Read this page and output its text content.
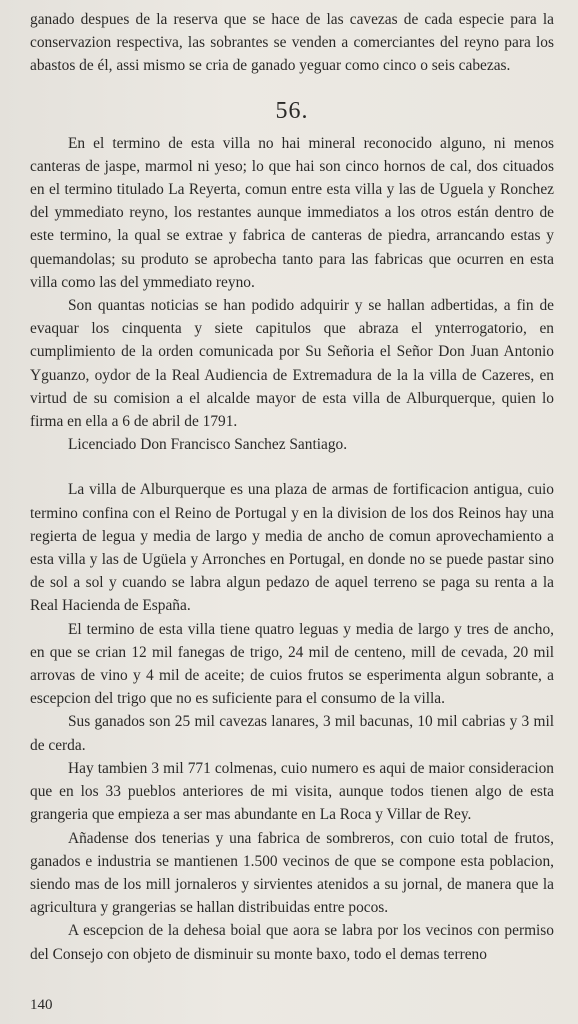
ganado despues de la reserva que se hace de las cavezas de cada especie para la conservazion respectiva, las sobrantes se venden a comerciantes del reyno para los abastos de él, assi mismo se cria de ganado yeguar como cinco o seis cabezas.

56.

En el termino de esta villa no hai mineral reconocido alguno, ni menos canteras de jaspe, marmol ni yeso; lo que hai son cinco hornos de cal, dos cituados en el termino titulado La Reyerta, comun entre esta villa y las de Uguela y Ronchez del ymmediato reyno, los restantes aunque immediatos a los otros están dentro de este termino, la qual se extrae y fabrica de canteras de piedra, arrancando estas y quemandolas; su produto se aprobecha tanto para las fabricas que ocurren en esta villa como las del ymmediato reyno.

Son quantas noticias se han podido adquirir y se hallan adbertidas, a fin de evaquar los cinquenta y siete capitulos que abraza el ynterrogatorio, en cumplimiento de la orden comunicada por Su Señoria el Señor Don Juan Antonio Yguanzo, oydor de la Real Audiencia de Extremadura de la la villa de Cazeres, en virtud de su comision a el alcalde mayor de esta villa de Alburquerque, quien lo firma en ella a 6 de abril de 1791.

Licenciado Don Francisco Sanchez Santiago.

La villa de Alburquerque es una plaza de armas de fortificacion antigua, cuio termino confina con el Reino de Portugal y en la division de los dos Reinos hay una regierta de legua y media de largo y media de ancho de comun aprovechamiento a esta villa y las de Ugüela y Arronches en Portugal, en donde no se puede pastar sino de sol a sol y cuando se labra algun pedazo de aquel terreno se paga su renta a la Real Hacienda de España.

El termino de esta villa tiene quatro leguas y media de largo y tres de ancho, en que se crian 12 mil fanegas de trigo, 24 mil de centeno, mill de cevada, 20 mil arrovas de vino y 4 mil de aceite; de cuios frutos se esperimenta algun sobrante, a escepcion del trigo que no es suficiente para el consumo de la villa.

Sus ganados son 25 mil cavezas lanares, 3 mil bacunas, 10 mil cabrias y 3 mil de cerda.

Hay tambien 3 mil 771 colmenas, cuio numero es aqui de maior consideracion que en los 33 pueblos anteriores de mi visita, aunque todos tienen algo de esta grangeria que empieza a ser mas abundante en La Roca y Villar de Rey.

Añadense dos tenerias y una fabrica de sombreros, con cuio total de frutos, ganados e industria se mantienen 1.500 vecinos de que se compone esta poblacion, siendo mas de los mill jornaleros y sirvientes atenidos a su jornal, de manera que la agricultura y grangerias se hallan distribuidas entre pocos.

A escepcion de la dehesa boial que aora se labra por los vecinos con permiso del Consejo con objeto de disminuir su monte baxo, todo el demas terreno

140
